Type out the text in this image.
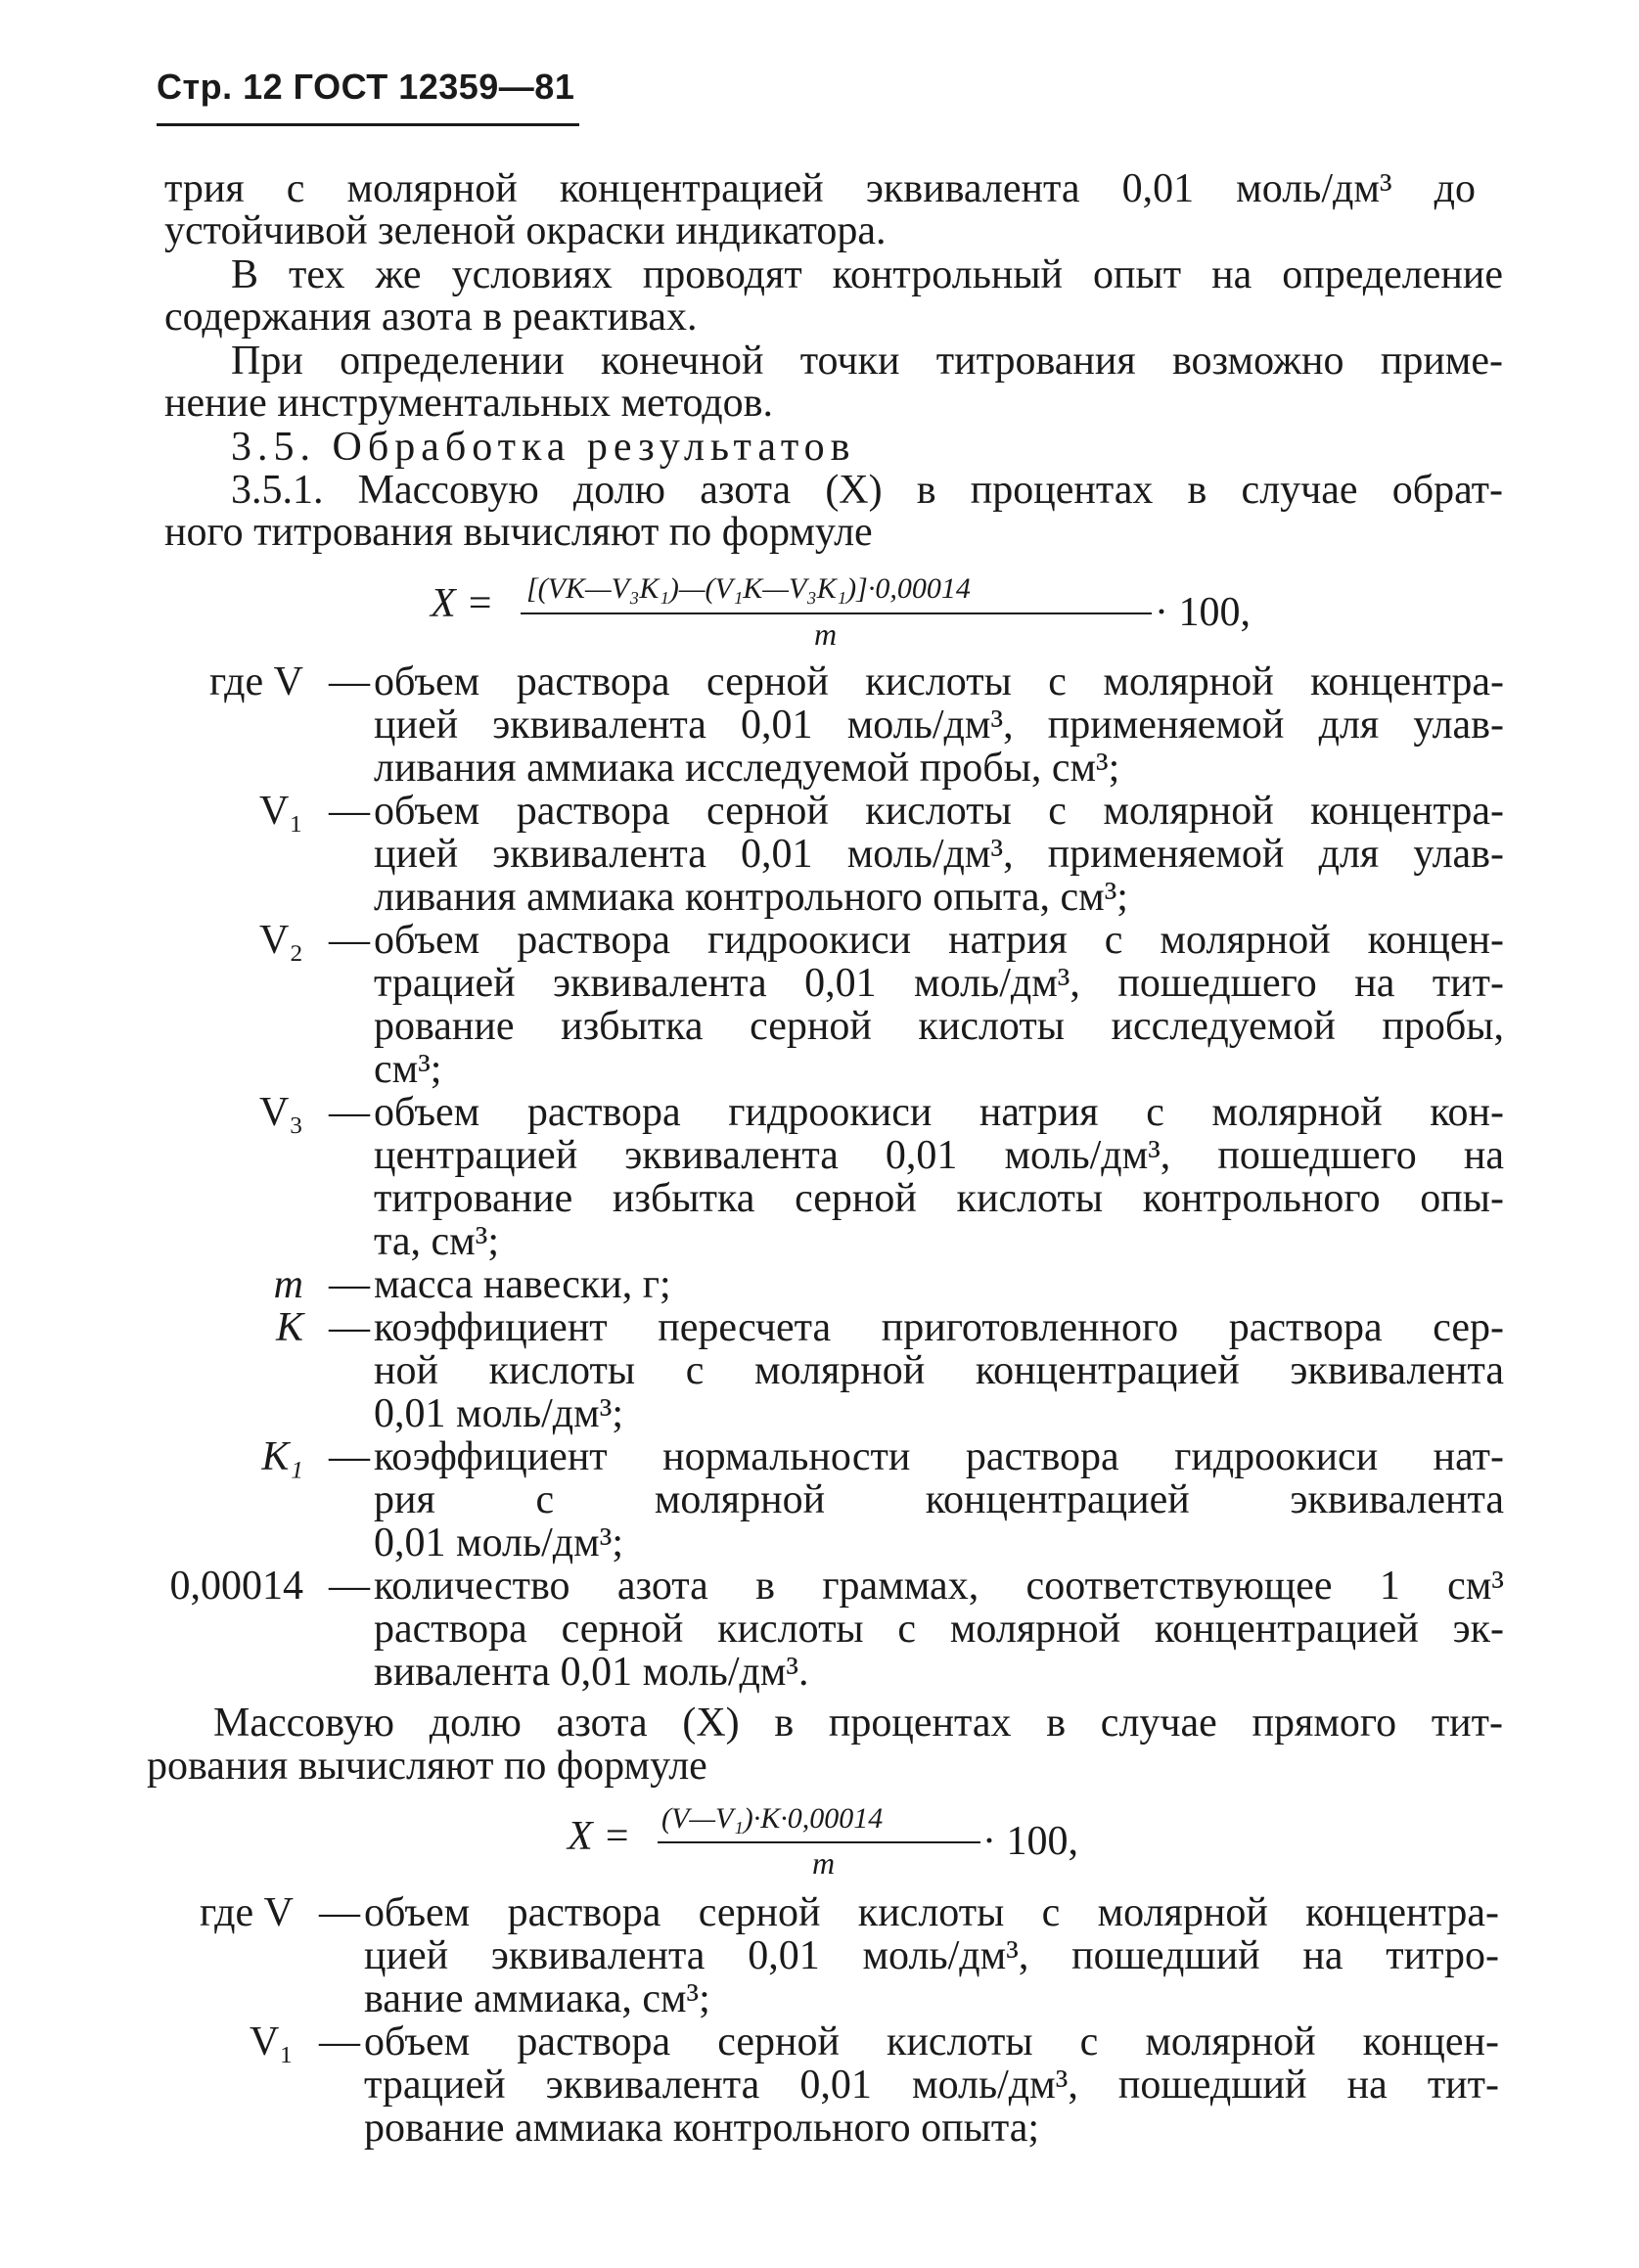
Стр. 12 ГОСТ 12359—81
трия с молярной концентрацией эквивалента 0,01 моль/дм³ до
устойчивой зеленой окраски индикатора.
В тех же условиях проводят контрольный опыт на определение
содержания азота в реактивах.
При определении конечной точки титрования возможно приме-
нение инструментальных методов.
3.5. Обработка результатов
3.5.1. Массовую долю азота (X) в процентах в случае обрат-
ного титрования вычисляют по формуле
X = [(VK—V₃K₁)—(V₁K—V₃K₁)]·0,00014
m	· 100,
где V — объем раствора серной кислоты с молярной концентра-
цией эквивалента 0,01 моль/дм³, применяемой для улав-
ливания аммиака исследуемой пробы, см³;
V₁ — объем раствора серной кислоты с молярной концентра-
цией эквивалента 0,01 моль/дм³, применяемой для улав-
ливания аммиака контрольного опыта, см³;
V₂ — объем раствора гидроокиси натрия с молярной концен-
трацией эквивалента 0,01 моль/дм³, пошедшего на тит-
рование избытка серной кислоты исследуемой пробы,
см³;
V₃ — объем раствора гидроокиси натрия с молярной кон-
центрацией эквивалента 0,01 моль/дм³, пошедшего на
титрование избытка серной кислоты контрольного опы-
та, см³;
m — масса навески, г;
K — коэффициент пересчета приготовленного раствора сер-
ной кислоты с молярной концентрацией эквивалента
0,01 моль/дм³;
K₁ — коэффициент нормальности раствора гидроокиси нат-
рия с молярной концентрацией эквивалента
0,01 моль/дм³;
0,00014 — количество азота в граммах, соответствующее 1 см³
раствора серной кислоты с молярной концентрацией эк-
вивалента 0,01 моль/дм³.
Массовую долю азота (X) в процентах в случае прямого тит-
рования вычисляют по формуле
X = (V—V₁)·K·0,00014
m	· 100,
где V — объем раствора серной кислоты с молярной концентра-
цией эквивалента 0,01 моль/дм³, пошедший на титро-
вание аммиака, см³;
V₁ — объем раствора серной кислоты с молярной концен-
трацией эквивалента 0,01 моль/дм³, пошедший на тит-
рование аммиака контрольного опыта;
